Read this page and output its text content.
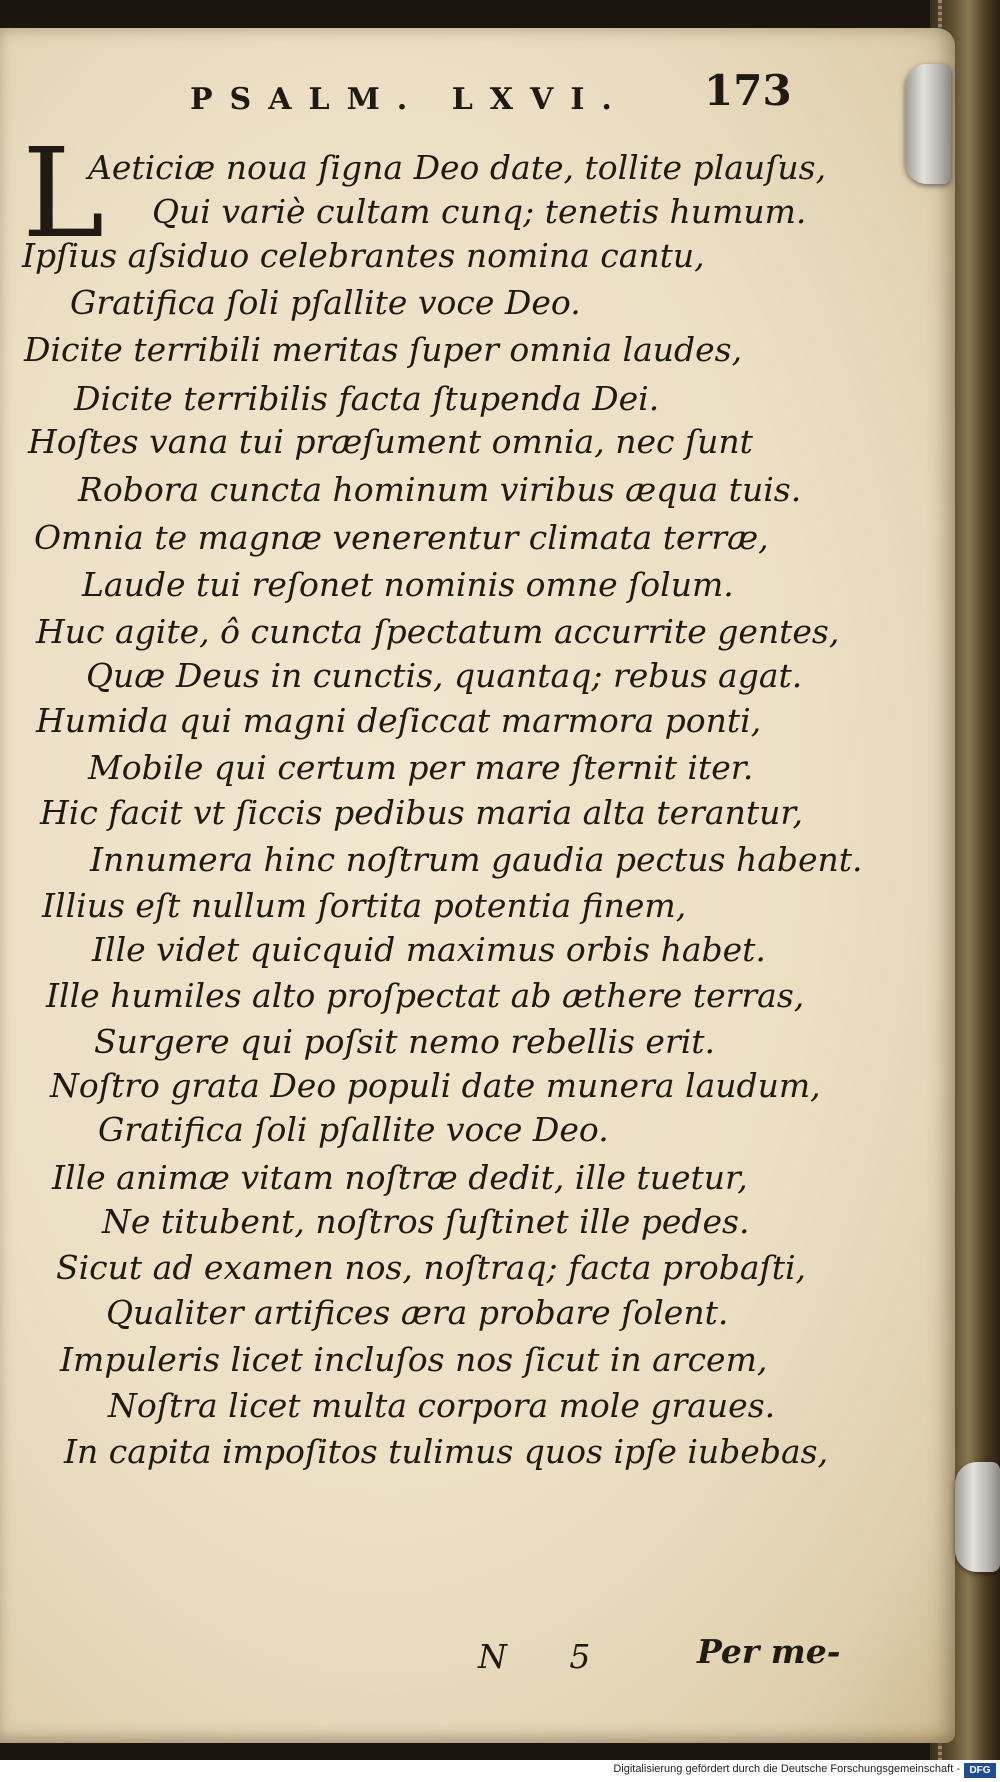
PSALM. LXVI. 173
L
Aeticiæ noua ſigna Deo date, tollite plauſus,
Qui variè cultam cunq; tenetis humum.
Ipſius aſsiduo celebrantes nomina cantu,
Gratifica ſoli pſallite voce Deo.
Dicite terribili meritas ſuper omnia laudes,
Dicite terribilis facta ſtupenda Dei.
Hoſtes vana tui præſument omnia, nec ſunt
Robora cuncta hominum viribus æqua tuis.
Omnia te magnæ venerentur climata terræ,
Laude tui reſonet nominis omne ſolum.
Huc agite, ô cuncta ſpectatum accurrite gentes,
Quæ Deus in cunctis, quantaq; rebus agat.
Humida qui magni deſiccat marmora ponti,
Mobile qui certum per mare ſternit iter.
Hic facit vt ſiccis pedibus maria alta terantur,
Innumera hinc noſtrum gaudia pectus habent.
Illius eſt nullum ſortita potentia finem,
Ille videt quicquid maximus orbis habet.
Ille humiles alto proſpectat ab æthere terras,
Surgere qui poſsit nemo rebellis erit.
Noſtro grata Deo populi date munera laudum,
Gratifica ſoli pſallite voce Deo.
Ille animæ vitam noſtræ dedit, ille tuetur,
Ne titubent, noſtros ſuſtinet ille pedes.
Sicut ad examen nos, noſtraq; facta probaſti,
Qualiter artifices æra probare ſolent.
Impuleris licet incluſos nos ſicut in arcem,
Noſtra licet multa corpora mole graues.
In capita impoſitos tulimus quos ipſe iubebas,
N 5 Per me-
Digitalisierung gefördert durch die Deutsche Forschungsgemeinschaft - DFG
